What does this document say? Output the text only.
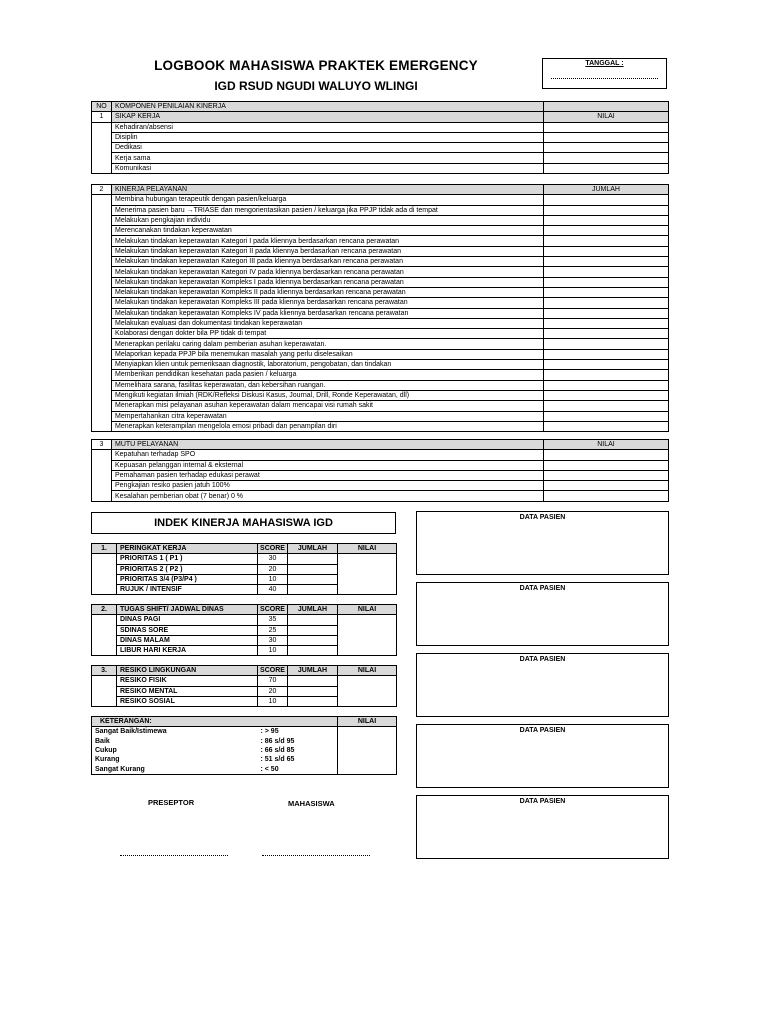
LOGBOOK MAHASISWA PRAKTEK EMERGENCY
IGD RSUD NGUDI WALUYO WLINGI
TANGGAL :
NO	KOMPONEN PENILAIAN KINERJA	
1	SIKAP KERJA	NILAI
	Kehadiran/absensi	
	Disiplin	
	Dedikasi	
	Kerja sama	
	Komunikasi	
2	KINERJA PELAYANAN	JUMLAH
	Membina hubungan terapeutik dengan pasien/keluarga	
	Menerima pasien baru →TRIASE dan mengorientasikan pasien / keluarga jika PPJP tidak ada di tempat	
	Melakukan pengkajian individu	
	Merencanakan tindakan keperawatan	
	Melakukan tindakan keperawatan Kategori I pada kliennya berdasarkan rencana perawatan	
	Melakukan tindakan keperawatan Kategori II pada kliennya berdasarkan rencana perawatan	
	Melakukan tindakan keperawatan Kategori III pada kliennya berdasarkan rencana perawatan	
	Melakukan tindakan keperawatan Kategori IV pada kliennya berdasarkan rencana perawatan	
	Melakukan tindakan keperawatan Kompleks I pada kliennya berdasarkan rencana perawatan	
	Melakukan tindakan keperawatan Kompleks II pada kliennya berdasarkan rencana perawatan	
	Melakukan tindakan keperawatan Kompleks III pada kliennya berdasarkan rencana perawatan	
	Melakukan tindakan keperawatan Kompleks IV pada kliennya berdasarkan rencana perawatan	
	Melakukan evaluasi dan dokumentasi tindakan keperawatan	
	Kolaborasi dengan dokter bila PP tidak di tempat	
	Menerapkan perilaku caring dalam pemberian asuhan keperawatan.	
	Melaporkan kepada PPJP bila menemukan masalah yang perlu diselesaikan	
	Menyiapkan klien untuk pemeriksaan diagnostik, laboratorium, pengobatan, dan tindakan	
	Memberikan pendidikan kesehatan pada pasien / keluarga	
	Memelihara sarana, fasilitas keperawatan, dan kebersihan ruangan.	
	Mengikuti kegiatan ilmiah (RDK/Refleksi Diskusi Kasus, Journal, Drill, Ronde Keperawatan, dll)	
	Menerapkan misi pelayanan asuhan keperawatan dalam mencapai visi rumah sakit	
	Mempertahankan citra keperawatan	
	Menerapkan keterampilan mengelola emosi pribadi dan penampilan diri	
3	MUTU PELAYANAN	NILAI
	Kepatuhan terhadap SPO	
	Kepuasan pelanggan internal & eksternal	
	Pemahaman pasien terhadap edukasi perawat	
	Pengkajian resiko pasien jatuh 100%	
	Kesalahan pemberian obat (7 benar) 0 %	
INDEK KINERJA MAHASISWA IGD
1.	PERINGKAT KERJA	SCORE	JUMLAH	NILAI
	PRIORITAS 1 ( P1 )	30		
	PRIORITAS 2 ( P2 )	20		
	PRIORITAS 3/4 (P3/P4 )	10		
	RUJUK / INTENSIF	40		
2.	TUGAS SHIFT/ JADWAL DINAS	SCORE	JUMLAH	NILAI
	DINAS PAGI	35		
	SDINAS SORE	25		
	DINAS MALAM	30		
	LIBUR HARI KERJA	10		
3.	RESIKO LINGKUNGAN	SCORE	JUMLAH	NILAI
	RESIKO FISIK	70		
	RESIKO MENTAL	20		
	RESIKO SOSIAL	10		
KETERANGAN:		NILAI
Sangat Baik/Istimewa	: > 95	
Baik	: 86 s/d 95	
Cukup	: 66 s/d 85	
Kurang	: 51 s/d 65	
Sangat Kurang	: < 50	
DATA PASIEN
DATA PASIEN
DATA PASIEN
DATA PASIEN
DATA PASIEN
PRESEPTOR	MAHASISWA
